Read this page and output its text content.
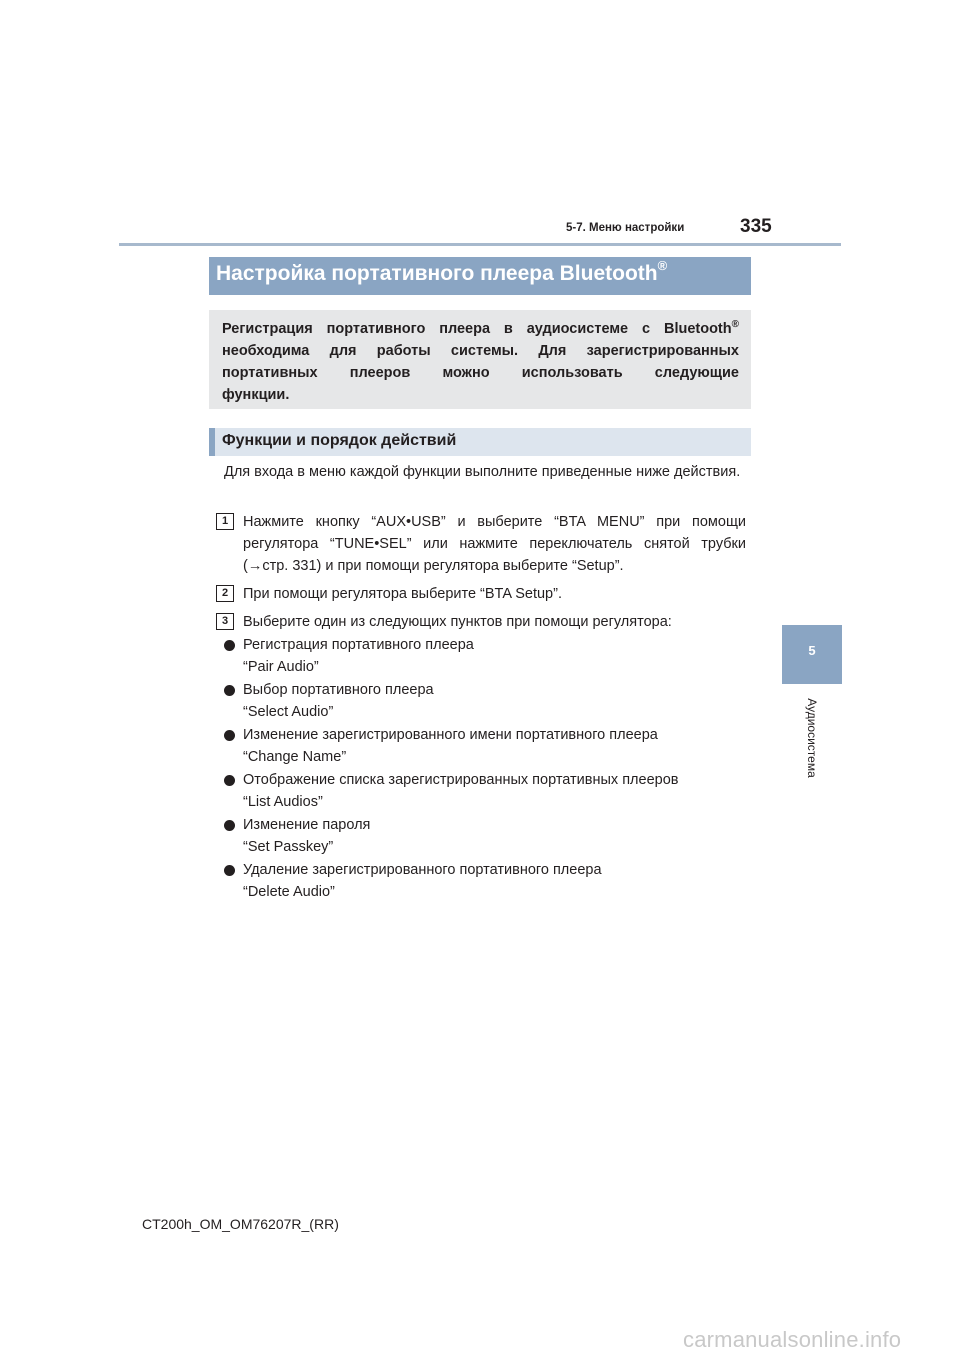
5-7. Меню настройки	335
5
Аудиосистема
Настройка портативного плеера Bluetooth®
Регистрация портативного плеера в аудиосистеме с Bluetooth®
необходима для работы системы. Для зарегистрированных
портативных плееров можно использовать следующие
функции.
Функции и порядок действий
Для входа в меню каждой функции выполните приведенные ниже действия.
1	Нажмите кнопку “AUX•USB” и выберите “BTA MENU” при помощи регулятора “TUNE•SEL” или нажмите переключатель снятой трубки (→стр. 331) и при помощи регулятора выберите “Setup”.
2	При помощи регулятора выберите “BTA Setup”.
3	Выберите один из следующих пунктов при помощи регулятора:
Регистрация портативного плеера
“Pair Audio”
Выбор портативного плеера
“Select Audio”
Изменение зарегистрированного имени портативного плеера
“Change Name”
Отображение списка зарегистрированных портативных плееров
“List Audios”
Изменение пароля
“Set Passkey”
Удаление зарегистрированного портативного плеера
“Delete Audio”
CT200h_OM_OM76207R_(RR)
carmanualsonline.info
